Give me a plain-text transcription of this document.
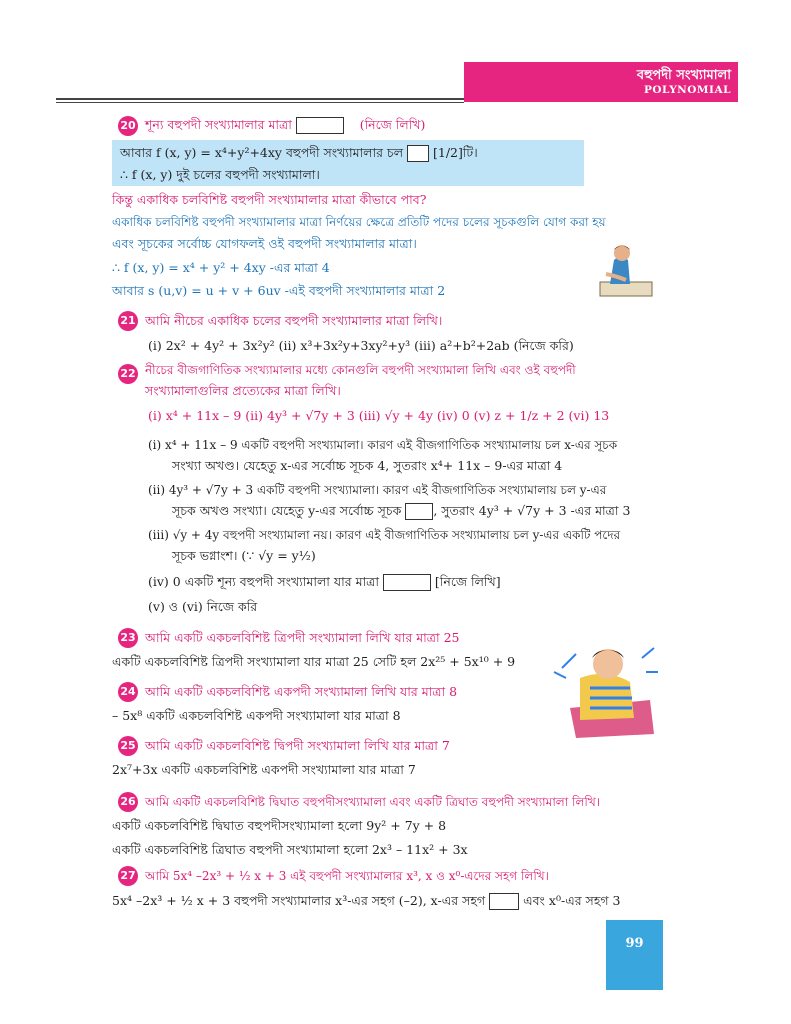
বহুপদী সংখ্যামালা
POLYNOMIAL
20 শূন্য বহুপদী সংখ্যামালার মাত্রা	(নিজে লিখি)
আবার f (x, y) = x⁴+y²+4xy বহুপদী সংখ্যামালার চল [1/2]টি।
∴ f (x, y) দুই চলের বহুপদী সংখ্যামালা।
কিন্তু একাধিক চলবিশিষ্ট বহুপদী সংখ্যামালার মাত্রা কীভাবে পাব?
একাধিক চলবিশিষ্ট বহুপদী সংখ্যামালার মাত্রা নির্ণয়ের ক্ষেত্রে প্রতিটি পদের চলের সূচকগুলি যোগ করা হয়
এবং সূচকের সর্বোচ্চ যোগফলই ওই বহুপদী সংখ্যামালার মাত্রা।
∴ f (x, y) = x⁴ + y² + 4xy -এর মাত্রা 4
আবার s (u,v) = u + v + 6uv -এই বহুপদী সংখ্যামালার মাত্রা 2
21 আমি নীচের একাধিক চলের বহুপদী সংখ্যামালার মাত্রা লিখি।
(i) 2x² + 4y² + 3x²y² (ii) x³+3x²y+3xy²+y³ (iii) a²+b²+2ab (নিজে করি)
22 নীচের বীজগাণিতিক সংখ্যামালার মধ্যে কোনগুলি বহুপদী সংখ্যামালা লিখি এবং ওই বহুপদী
সংখ্যামালাগুলির প্রত্যেকের মাত্রা লিখি।
(i) x⁴ + 11x – 9 (ii) 4y³ + √7y + 3 (iii) √y + 4y (iv) 0 (v) z + 1/z + 2 (vi) 13
(i) x⁴ + 11x – 9 একটি বহুপদী সংখ্যামালা। কারণ এই বীজগাণিতিক সংখ্যামালায় চল x-এর সূচক
সংখ্যা অখণ্ড। যেহেতু x-এর সর্বোচ্চ সূচক 4, সুতরাং x⁴+ 11x – 9-এর মাত্রা 4
(ii) 4y³ + √7y + 3 একটি বহুপদী সংখ্যামালা। কারণ এই বীজগাণিতিক সংখ্যামালায় চল y-এর
সূচক অখণ্ড সংখ্যা। যেহেতু y-এর সর্বোচ্চ সূচক	, সুতরাং 4y³ + √7y + 3 -এর মাত্রা 3
(iii) √y + 4y বহুপদী সংখ্যামালা নয়। কারণ এই বীজগাণিতিক সংখ্যামালায় চল y-এর একটি পদের
সূচক ভগ্নাংশ। (∵ √y = y½)
(iv) 0 একটি শূন্য বহুপদী সংখ্যামালা যার মাত্রা	[নিজে লিখি]
(v) ও (vi) নিজে করি
23 আমি একটি একচলবিশিষ্ট ত্রিপদী সংখ্যামালা লিখি যার মাত্রা 25
একটি একচলবিশিষ্ট ত্রিপদী সংখ্যামালা যার মাত্রা 25 সেটি হল 2x²⁵ + 5x¹⁰ + 9
24 আমি একটি একচলবিশিষ্ট একপদী সংখ্যামালা লিখি যার মাত্রা 8
– 5x⁸ একটি একচলবিশিষ্ট একপদী সংখ্যামালা যার মাত্রা 8
25 আমি একটি একচলবিশিষ্ট দ্বিপদী সংখ্যামালা লিখি যার মাত্রা 7
2x⁷+3x একটি একচলবিশিষ্ট একপদী সংখ্যামালা যার মাত্রা 7
26 আমি একটি একচলবিশিষ্ট দ্বিঘাত বহুপদীসংখ্যামালা এবং একটি ত্রিঘাত বহুপদী সংখ্যামালা লিখি।
একটি একচলবিশিষ্ট দ্বিঘাত বহুপদীসংখ্যামালা হলো 9y² + 7y + 8
একটি একচলবিশিষ্ট ত্রিঘাত বহুপদী সংখ্যামালা হলো 2x³ – 11x² + 3x
27 আমি 5x⁴ –2x³ + ½ x + 3 এই বহুপদী সংখ্যামালার x³, x ও x⁰-এদের সহগ লিখি।
5x⁴ –2x³ + ½ x + 3 বহুপদী সংখ্যামালার x³-এর সহগ (–2), x-এর সহগ	এবং x⁰-এর সহগ 3
99
